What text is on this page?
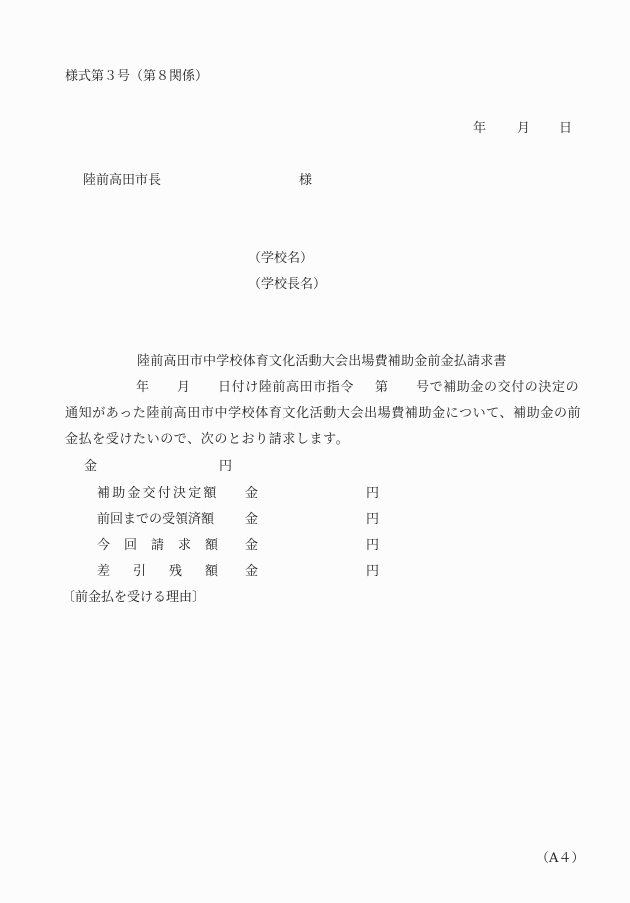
様式第３号（第８関係）
年 月 日
陸前高田市長	様
（学校名）
（学校長名）
陸前高田市中学校体育文化活動大会出場費補助金前金払請求書
年 月 日付け陸前高田市指令 第 号で補助金の交付の決定の
通知があった陸前高田市中学校体育文化活動大会出場費補助金について、補助金の前
金払を受けたいので、次のとおり請求します。
金	円
補助金交付決定額 金	円
前回までの受領済額 金	円
今回請求額 金	円
差引残額 金	円
〔前金払を受ける理由〕
（A４）
